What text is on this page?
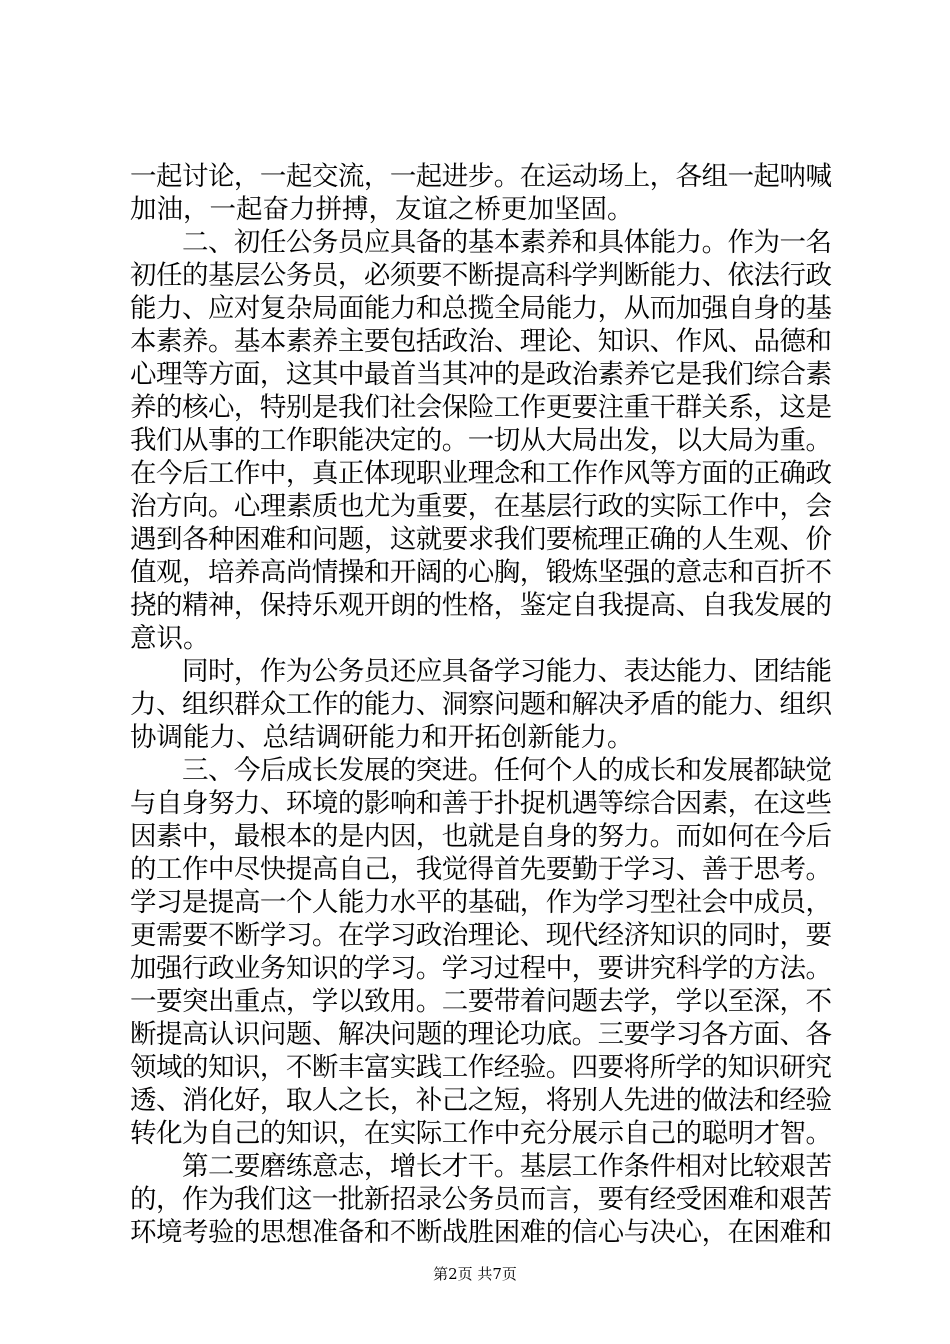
一起讨论，一起交流，一起进步。在运动场上，各组一起呐喊
加油，一起奋力拼搏，友谊之桥更加坚固。
　　二、初任公务员应具备的基本素养和具体能力。作为一名
初任的基层公务员，必须要不断提高科学判断能力、依法行政
能力、应对复杂局面能力和总揽全局能力，从而加强自身的基
本素养。基本素养主要包括政治、理论、知识、作风、品德和
心理等方面，这其中最首当其冲的是政治素养它是我们综合素
养的核心，特别是我们社会保险工作更要注重干群关系，这是
我们从事的工作职能决定的。一切从大局出发，以大局为重。
在今后工作中，真正体现职业理念和工作作风等方面的正确政
治方向。心理素质也尤为重要，在基层行政的实际工作中，会
遇到各种困难和问题，这就要求我们要梳理正确的人生观、价
值观，培养高尚情操和开阔的心胸，锻炼坚强的意志和百折不
挠的精神，保持乐观开朗的性格，鉴定自我提高、自我发展的
意识。
　　同时，作为公务员还应具备学习能力、表达能力、团结能
力、组织群众工作的能力、洞察问题和解决矛盾的能力、组织
协调能力、总结调研能力和开拓创新能力。
　　三、今后成长发展的突进。任何个人的成长和发展都缺觉
与自身努力、环境的影响和善于扑捉机遇等综合因素，在这些
因素中，最根本的是内因，也就是自身的努力。而如何在今后
的工作中尽快提高自己，我觉得首先要勤于学习、善于思考。
学习是提高一个人能力水平的基础，作为学习型社会中成员，
更需要不断学习。在学习政治理论、现代经济知识的同时，要
加强行政业务知识的学习。学习过程中，要讲究科学的方法。
一要突出重点，学以致用。二要带着问题去学，学以至深，不
断提高认识问题、解决问题的理论功底。三要学习各方面、各
领域的知识，不断丰富实践工作经验。四要将所学的知识研究
透、消化好，取人之长，补己之短，将别人先进的做法和经验
转化为自己的知识，在实际工作中充分展示自己的聪明才智。
　　第二要磨练意志，增长才干。基层工作条件相对比较艰苦
的，作为我们这一批新招录公务员而言，要有经受困难和艰苦
环境考验的思想准备和不断战胜困难的信心与决心，在困难和
第2页 共7页
